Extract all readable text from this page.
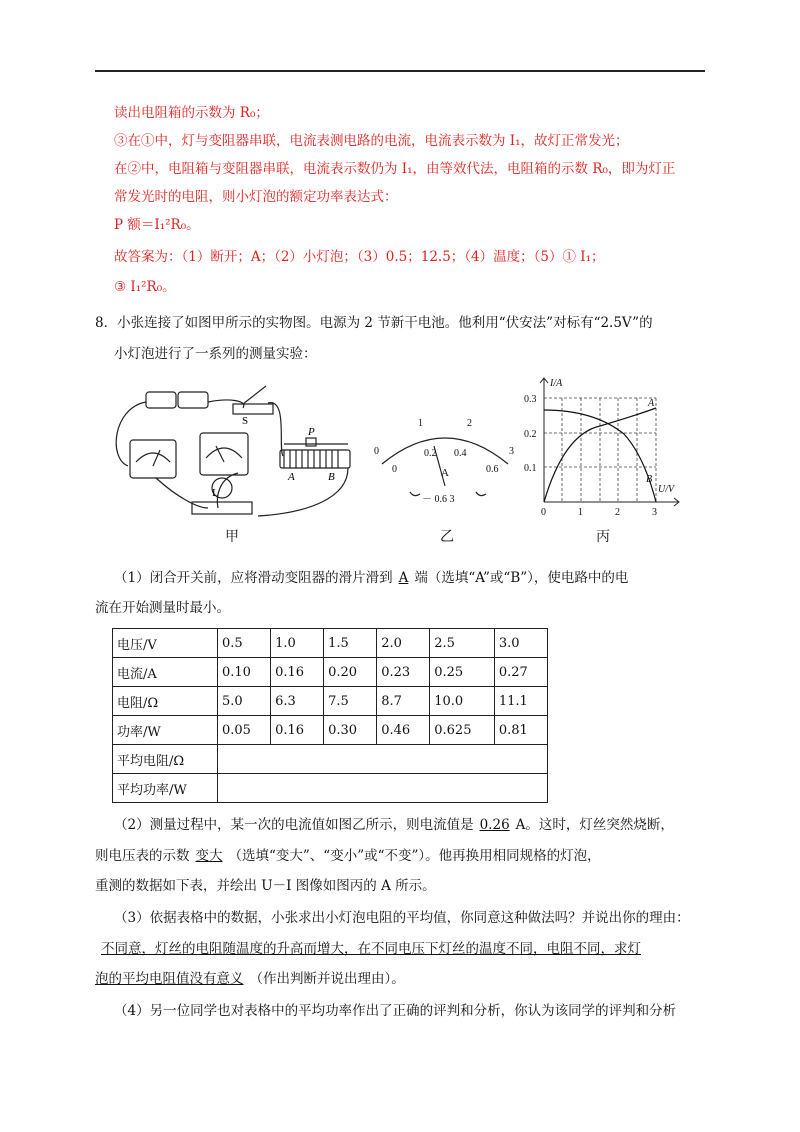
读出电阻箱的示数为 R₀；
③在①中，灯与变阻器串联，电流表测电路的电流，电流表示数为 I₁，故灯正常发光；
在②中，电阻箱与变阻器串联，电流表示数仍为 I₁，由等效代法，电阻箱的示数 R₀，即为灯正
常发光时的电阻，则小灯泡的额定功率表达式：
P 额＝I₁²R₀。
故答案为：（1）断开；A；（2）小灯泡；（3）0.5；12.5；（4）温度；（5）① I₁；
③ I₁²R₀。
8．小张连接了如图甲所示的实物图。电源为 2 节新干电池。他利用“伏安法”对标有“2.5V”的
小灯泡进行了一系列的测量实验：
S
L
P
A	B
0
1	2
3
0
0.2 0.4
0.6
A
－ 0.6 3
I/A
U/V
0.3
0.2
0.1
0	1	2	3
A
B
甲	乙	丙
（1）闭合开关前，应将滑动变阻器的滑片滑到 A 端（选填“A”或“B”），使电路中的电
流在开始测量时最小。
电压/V	0.5	1.0	1.5	2.0	2.5	3.0
电流/A	0.10	0.16	0.20	0.23	0.25	0.27
电阻/Ω	5.0	6.3	7.5	8.7	10.0	11.1
功率/W	0.05	0.16	0.30	0.46	0.625	0.81
平均电阻/Ω						
平均功率/W						
（2）测量过程中，某一次的电流值如图乙所示，则电流值是 0.26 A。这时，灯丝突然烧断，
则电压表的示数 变大 （选填“变大”、“变小”或“不变”）。他再换用相同规格的灯泡，
重测的数据如下表，并绘出 U－I 图像如图丙的 A 所示。
（3）依据表格中的数据，小张求出小灯泡电阻的平均值，你同意这种做法吗？并说出你的理由：
不同意，灯丝的电阻随温度的升高而增大，在不同电压下灯丝的温度不同，电阻不同，求灯
泡的平均电阻值没有意义 （作出判断并说出理由）。
（4）另一位同学也对表格中的平均功率作出了正确的评判和分析，你认为该同学的评判和分析
